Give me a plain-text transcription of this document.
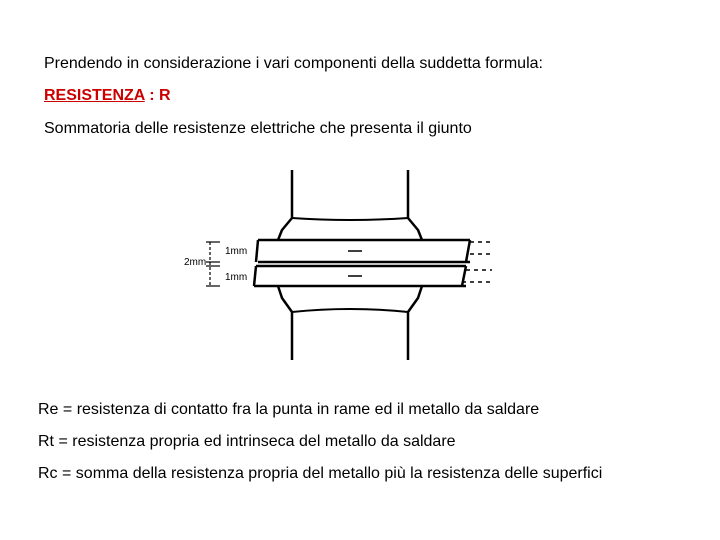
Prendendo in considerazione i vari componenti della suddetta formula:
RESISTENZA : R
Sommatoria delle resistenze elettriche che presenta il giunto
1mm
2mm
1mm
Re = resistenza di contatto fra la punta in rame ed il metallo da saldare
Rt = resistenza propria ed intrinseca del metallo da saldare
Rc = somma della resistenza propria del metallo più la resistenza delle superfici
